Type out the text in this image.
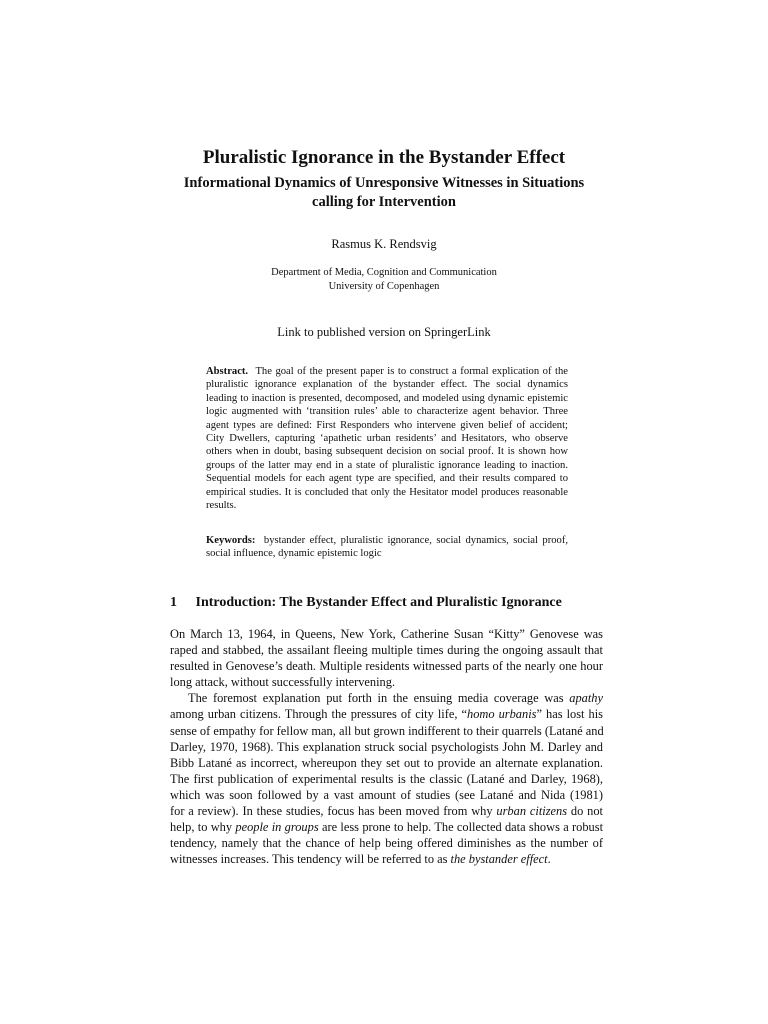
Pluralistic Ignorance in the Bystander Effect
Informational Dynamics of Unresponsive Witnesses in Situations calling for Intervention
Rasmus K. Rendsvig
Department of Media, Cognition and Communication
University of Copenhagen
Link to published version on SpringerLink
Abstract. The goal of the present paper is to construct a formal explication of the pluralistic ignorance explanation of the bystander effect. The social dynamics leading to inaction is presented, decomposed, and modeled using dynamic epistemic logic augmented with ‘transition rules’ able to characterize agent behavior. Three agent types are defined: First Responders who intervene given belief of accident; City Dwellers, capturing ‘apathetic urban residents’ and Hesitators, who observe others when in doubt, basing subsequent decision on social proof. It is shown how groups of the latter may end in a state of pluralistic ignorance leading to inaction. Sequential models for each agent type are specified, and their results compared to empirical studies. It is concluded that only the Hesitator model produces reasonable results.
Keywords: bystander effect, pluralistic ignorance, social dynamics, social proof, social influence, dynamic epistemic logic
1 Introduction: The Bystander Effect and Pluralistic Ignorance
On March 13, 1964, in Queens, New York, Catherine Susan “Kitty” Genovese was
raped and stabbed, the assailant fleeing multiple times during the ongoing assault that
resulted in Genovese’s death. Multiple residents witnessed parts of the nearly one hour
long attack, without successfully intervening.
The foremost explanation put forth in the ensuing media coverage was apathy
among urban citizens. Through the pressures of city life, “homo urbanis” has lost his
sense of empathy for fellow man, all but grown indifferent to their quarrels (Latané and
Darley, 1970, 1968). This explanation struck social psychologists John M. Darley and
Bibb Latané as incorrect, whereupon they set out to provide an alternate explanation.
The first publication of experimental results is the classic (Latané and Darley, 1968),
which was soon followed by a vast amount of studies (see Latané and Nida (1981)
for a review). In these studies, focus has been moved from why urban citizens do not
help, to why people in groups are less prone to help. The collected data shows a robust
tendency, namely that the chance of help being offered diminishes as the number of
witnesses increases. This tendency will be referred to as the bystander effect.
